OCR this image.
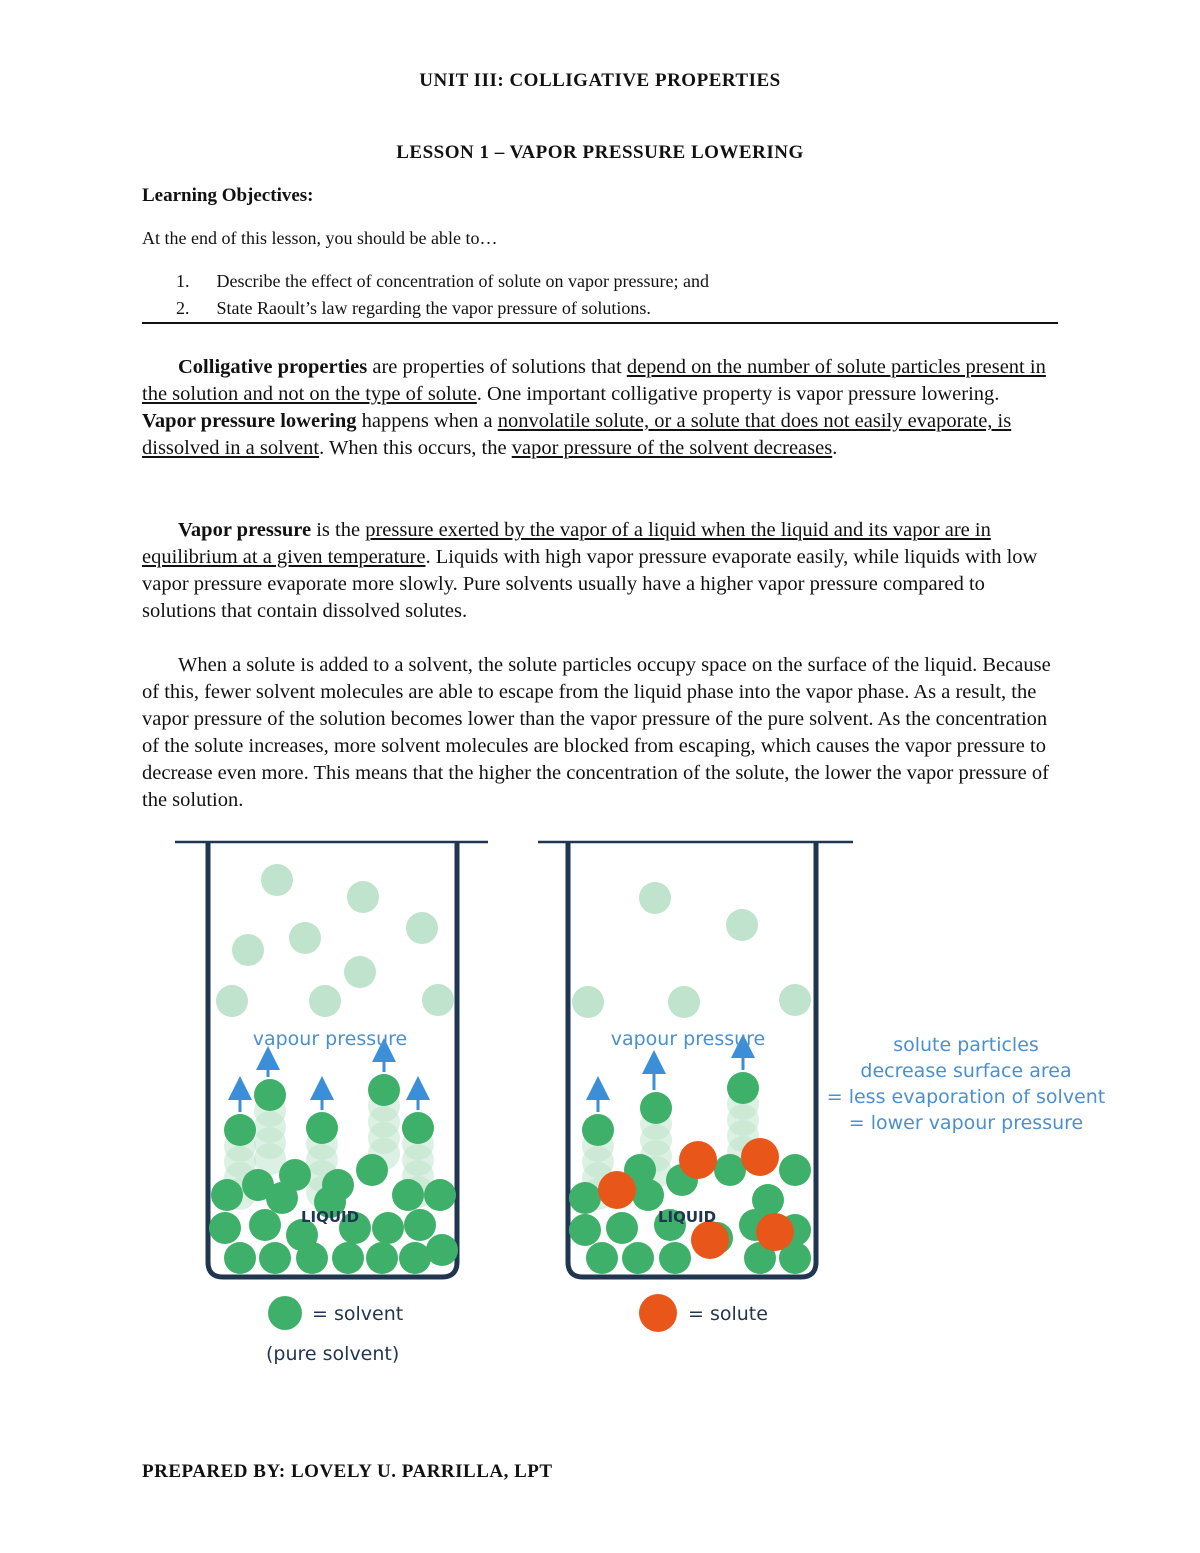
UNIT III: COLLIGATIVE PROPERTIES
LESSON 1 – VAPOR PRESSURE LOWERING
Learning Objectives:
At the end of this lesson, you should be able to…
1. Describe the effect of concentration of solute on vapor pressure; and
2. State Raoult’s law regarding the vapor pressure of solutions.

Colligative properties are properties of solutions that depend on the number of solute particles present in the solution and not on the type of solute. One important colligative property is vapor pressure lowering. Vapor pressure lowering happens when a nonvolatile solute, or a solute that does not easily evaporate, is dissolved in a solvent. When this occurs, the vapor pressure of the solvent decreases.

Vapor pressure is the pressure exerted by the vapor of a liquid when the liquid and its vapor are in equilibrium at a given temperature. Liquids with high vapor pressure evaporate easily, while liquids with low vapor pressure evaporate more slowly. Pure solvents usually have a higher vapor pressure compared to solutions that contain dissolved solutes.

When a solute is added to a solvent, the solute particles occupy space on the surface of the liquid. Because of this, fewer solvent molecules are able to escape from the liquid phase into the vapor phase. As a result, the vapor pressure of the solution becomes lower than the vapor pressure of the pure solvent. As the concentration of the solute increases, more solvent molecules are blocked from escaping, which causes the vapor pressure to decrease even more. This means that the higher the concentration of the solute, the lower the vapor pressure of the solution.

vapour pressure
LIQUID
vapour pressure
LIQUID
solute particles
decrease surface area
= less evaporation of solvent
= lower vapour pressure
= solvent
(pure solvent)
= solute
PREPARED BY: LOVELY U. PARRILLA, LPT
